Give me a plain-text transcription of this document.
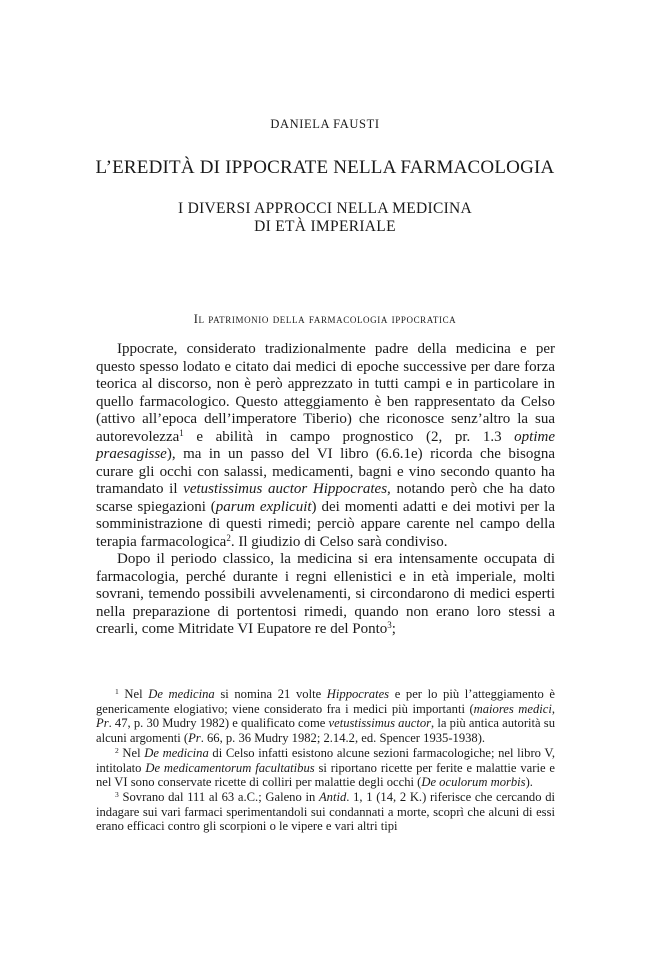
DANIELA FAUSTI
L’EREDITÀ DI IPPOCRATE NELLA FARMACOLOGIA
I DIVERSI APPROCCI NELLA MEDICINA
DI ETÀ IMPERIALE
Il patrimonio della farmacologia ippocratica

Ippocrate, considerato tradizionalmente padre della medicina e per questo spesso lodato e citato dai medici di epoche successive per dare forza teorica al discorso, non è però apprezzato in tutti campi e in particolare in quello farmacologico. Questo atteggiamento è ben rappresentato da Celso (attivo all’epoca dell’imperatore Tiberio) che riconosce senz’altro la sua autorevolezza$^1$ e abilità in campo prognostico (2, pr. 1.3 optime praesagisse), ma in un passo del VI libro (6.6.1e) ricorda che bisogna curare gli occhi con salassi, medicamenti, bagni e vino secondo quanto ha tramandato il vetustissimus auctor Hippocrates, notando però che ha dato scarse spiegazioni (parum explicuit) dei momenti adatti e dei motivi per la somministrazione di questi rimedi; perciò appare carente nel campo della terapia farmacologica$^2$. Il giudizio di Celso sarà condiviso.

Dopo il periodo classico, la medicina si era intensamente occupata di farmacologia, perché durante i regni ellenistici e in età imperiale, molti sovrani, temendo possibili avvelenamenti, si circondarono di medici esperti nella preparazione di portentosi rimedi, quando non erano loro stessi a crearli, come Mitridate VI Eupatore re del Ponto$^3$;

$^1$ Nel De medicina si nomina 21 volte Hippocrates e per lo più l’atteggiamento è genericamente elogiativo; viene considerato fra i medici più importanti (maiores medici, Pr. 47, p. 30 Mudry 1982) e qualificato come vetustissimus auctor, la più antica autorità su alcuni argomenti (Pr. 66, p. 36 Mudry 1982; 2.14.2, ed. Spencer 1935-1938).

$^2$ Nel De medicina di Celso infatti esistono alcune sezioni farmacologiche; nel libro V, intitolato De medicamentorum facultatibus si riportano ricette per ferite e malattie varie e nel VI sono conservate ricette di colliri per malattie degli occhi (De oculorum morbis).

$^3$ Sovrano dal 111 al 63 a.C.; Galeno in Antid. 1, 1 (14, 2 K.) riferisce che cercando di indagare sui vari farmaci sperimentandoli sui condannati a morte, scoprì che alcuni di essi erano efficaci contro gli scorpioni o le vipere e vari altri tipi
